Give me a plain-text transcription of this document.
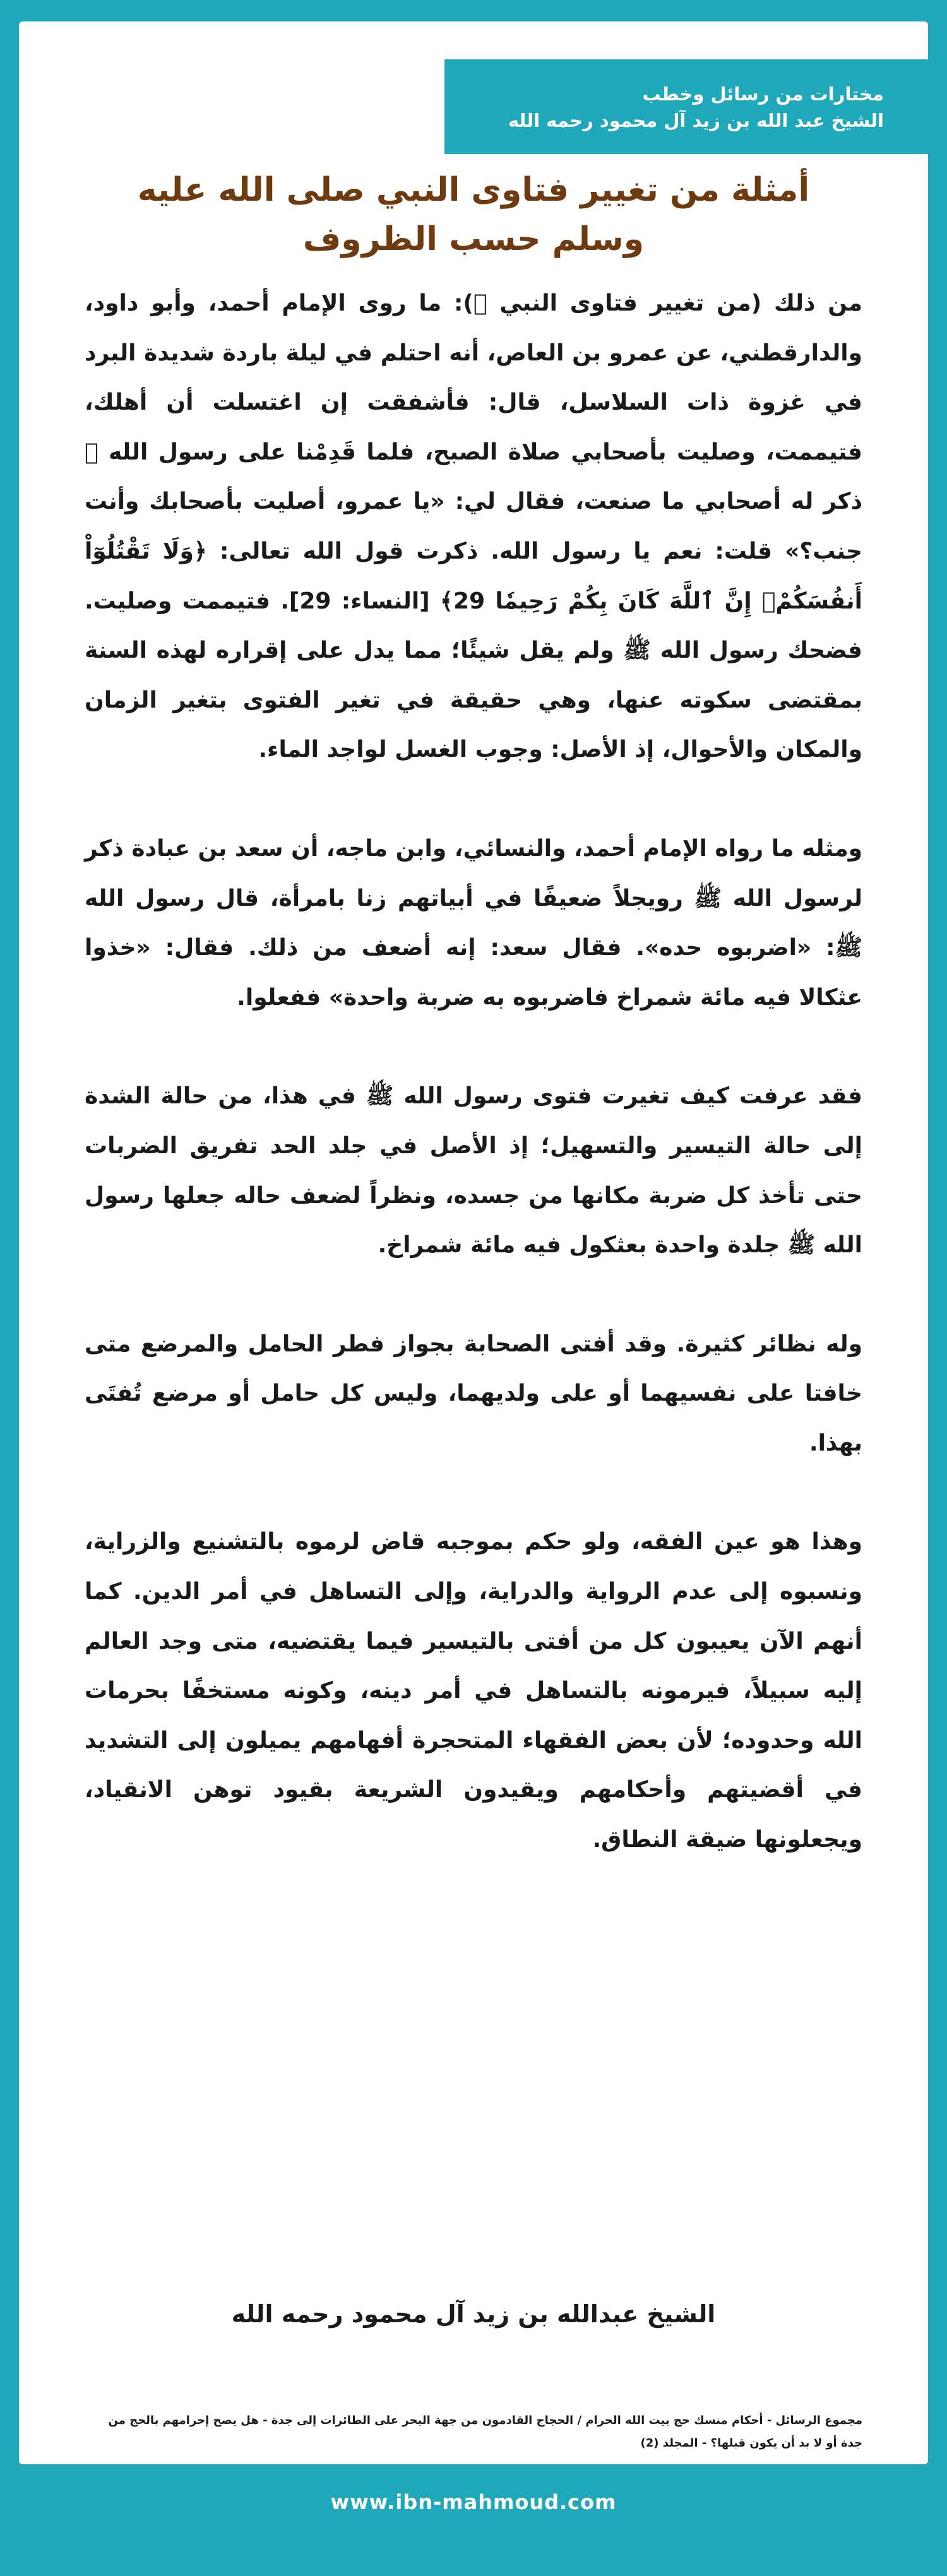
مختارات من رسائل وخطب
الشيخ عبد الله بن زيد آل محمود رحمه الله
أمثلة من تغيير فتاوى النبي صلى الله عليه
وسلم حسب الظروف

من ذلك (من تغيير فتاوى النبي ﷺ): ما روى الإمام أحمد، وأبو داود، والدارقطني، عن عمرو بن العاص، أنه احتلم في ليلة باردة شديدة البرد في غزوة ذات السلاسل، قال: فأشفقت إن اغتسلت أن أهلك، فتيممت، وصليت بأصحابي صلاة الصبح، فلما قَدِمْنا على رسول الله ﷺ ذكر له أصحابي ما صنعت، فقال لي: «يا عمرو، أصليت بأصحابك وأنت جنب؟» قلت: نعم يا رسول الله. ذكرت قول الله تعالى: ﴿وَلَا تَقْتُلُوٓاْ أَنفُسَكُمْۚ إِنَّ ٱللَّهَ كَانَ بِكُمْ رَحِيمٗا 29﴾ [النساء: 29]. فتيممت وصليت. فضحك رسول الله ﷺ ولم يقل شيئًا؛ مما يدل على إقراره لهذه السنة بمقتضى سكوته عنها، وهي حقيقة في تغير الفتوى بتغير الزمان والمكان والأحوال، إذ الأصل: وجوب الغسل لواجد الماء.

ومثله ما رواه الإمام أحمد، والنسائي، وابن ماجه، أن سعد بن عبادة ذكر لرسول الله ﷺ رويجلاً ضعيفًا في أبياتهم زنا بامرأة، قال رسول الله ﷺ: «اضربوه حده». فقال سعد: إنه أضعف من ذلك. فقال: «خذوا عثكالا فيه مائة شمراخ فاضربوه به ضربة واحدة» ففعلوا.

فقد عرفت كيف تغيرت فتوى رسول الله ﷺ في هذا، من حالة الشدة إلى حالة التيسير والتسهيل؛ إذ الأصل في جلد الحد تفريق الضربات حتى تأخذ كل ضربة مكانها من جسده، ونظراً لضعف حاله جعلها رسول الله ﷺ جلدة واحدة بعثكول فيه مائة شمراخ.

وله نظائر كثيرة. وقد أفتى الصحابة بجواز فطر الحامل والمرضع متى خافتا على نفسيهما أو على ولديهما، وليس كل حامل أو مرضع تُفتَى بهذا.

وهذا هو عين الفقه، ولو حكم بموجبه قاض لرموه بالتشنيع والزراية، ونسبوه إلى عدم الرواية والدراية، وإلى التساهل في أمر الدين. كما أنهم الآن يعيبون كل من أفتى بالتيسير فيما يقتضيه، متى وجد العالم إليه سبيلاً، فيرمونه بالتساهل في أمر دينه، وكونه مستخفًا بحرمات الله وحدوده؛ لأن بعض الفقهاء المتحجرة أفهامهم يميلون إلى التشديد في أقضيتهم وأحكامهم ويقيدون الشريعة بقيود توهن الانقياد، ويجعلونها ضيقة النطاق.

الشيخ عبدالله بن زيد آل محمود رحمه الله
مجموع الرسائل - أحكام منسك حج بيت الله الحرام / الحجاج القادمون من جهة البحر على الطائرات إلى جدة - هل يصح إحرامهم بالحج من جدة أو لا بد أن يكون قبلها؟ - المجلد (2)
www.ibn-mahmoud.com
